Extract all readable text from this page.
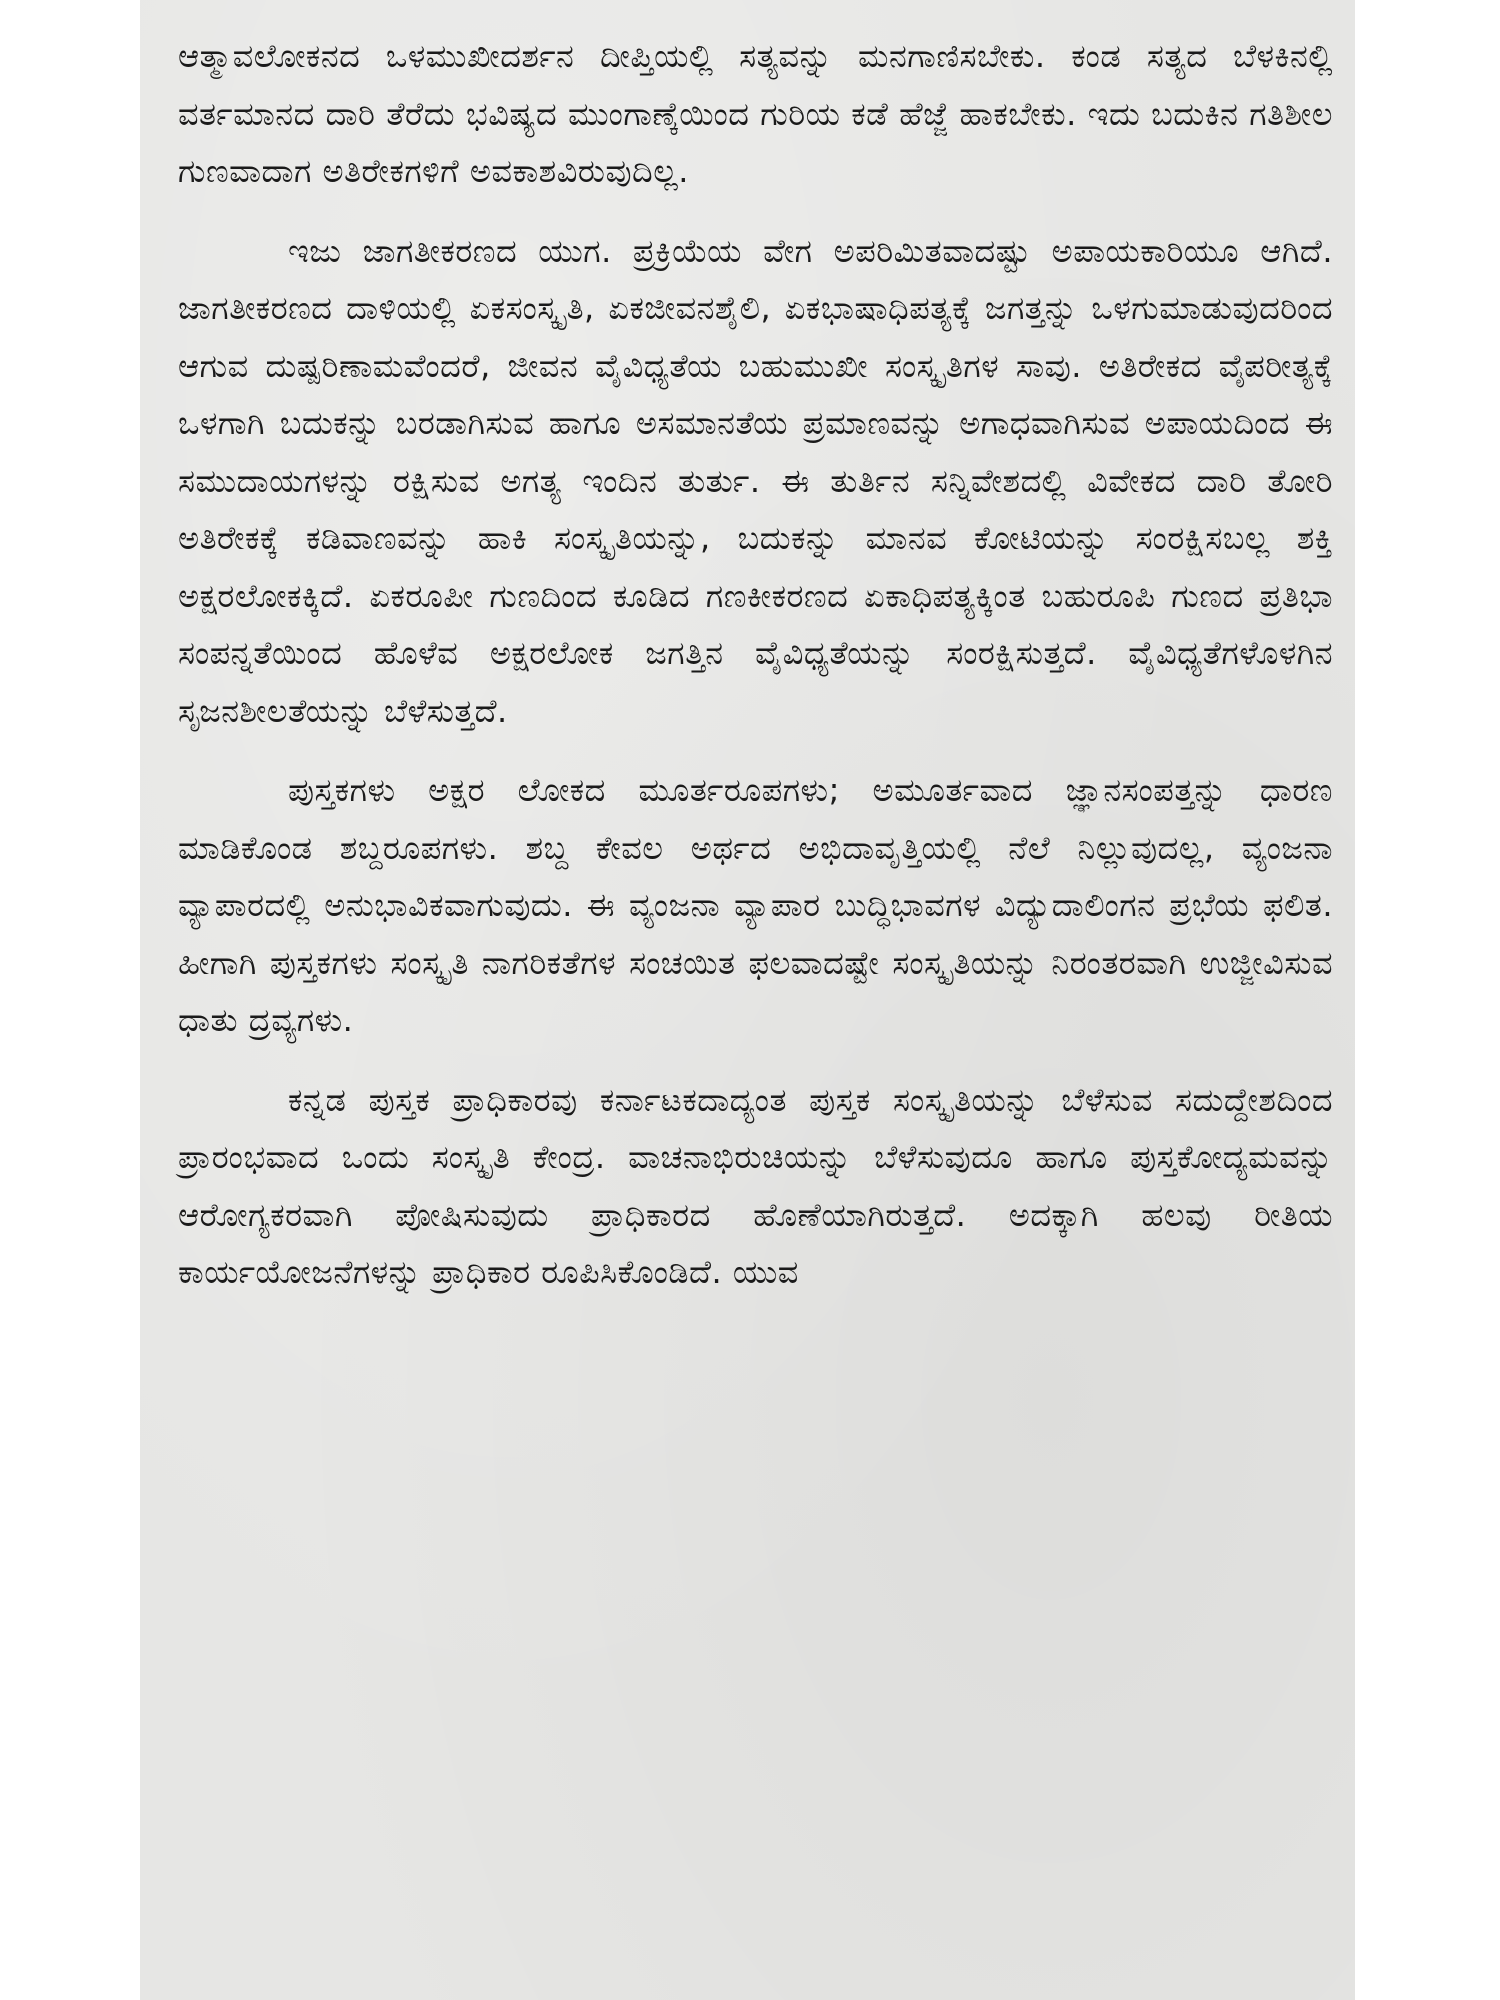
ಆತ್ಮಾವಲೋಕನದ ಒಳಮುಖೀದರ್ಶನ ದೀಪ್ತಿಯಲ್ಲಿ ಸತ್ಯವನ್ನು ಮನಗಾಣಿಸಬೇಕು. ಕಂಡ ಸತ್ಯದ ಬೆಳಕಿನಲ್ಲಿ ವರ್ತಮಾನದ ದಾರಿ ತೆರೆದು ಭವಿಷ್ಯದ ಮುಂಗಾಣ್ಕೆಯಿಂದ ಗುರಿಯ ಕಡೆ ಹೆಜ್ಜೆ ಹಾಕಬೇಕು. ಇದು ಬದುಕಿನ ಗತಿಶೀಲ ಗುಣವಾದಾಗ ಅತಿರೇಕಗಳಿಗೆ ಅವಕಾಶವಿರುವುದಿಲ್ಲ.

ಇಜು ಜಾಗತೀಕರಣದ ಯುಗ. ಪ್ರಕ್ರಿಯೆಯ ವೇಗ ಅಪರಿಮಿತವಾದಷ್ಟು ಅಪಾಯಕಾರಿಯೂ ಆಗಿದೆ. ಜಾಗತೀಕರಣದ ದಾಳಿಯಲ್ಲಿ ಏಕಸಂಸ್ಕೃತಿ, ಏಕಜೀವನಶೈಲಿ, ಏಕಭಾಷಾಧಿಪತ್ಯಕ್ಕೆ ಜಗತ್ತನ್ನು ಒಳಗುಮಾಡುವುದರಿಂದ ಆಗುವ ದುಷ್ಪರಿಣಾಮವೆಂದರೆ, ಜೀವನ ವೈವಿಧ್ಯತೆಯ ಬಹುಮುಖೀ ಸಂಸ್ಕೃತಿಗಳ ಸಾವು. ಅತಿರೇಕದ ವೈಪರೀತ್ಯಕ್ಕೆ ಒಳಗಾಗಿ ಬದುಕನ್ನು ಬರಡಾಗಿಸುವ ಹಾಗೂ ಅಸಮಾನತೆಯ ಪ್ರಮಾಣವನ್ನು ಅಗಾಧವಾಗಿಸುವ ಅಪಾಯದಿಂದ ಈ ಸಮುದಾಯಗಳನ್ನು ರಕ್ಷಿಸುವ ಅಗತ್ಯ ಇಂದಿನ ತುರ್ತು. ಈ ತುರ್ತಿನ ಸನ್ನಿವೇಶದಲ್ಲಿ ವಿವೇಕದ ದಾರಿ ತೋರಿ ಅತಿರೇಕಕ್ಕೆ ಕಡಿವಾಣವನ್ನು ಹಾಕಿ ಸಂಸ್ಕೃತಿಯನ್ನು, ಬದುಕನ್ನು ಮಾನವ ಕೋಟಿಯನ್ನು ಸಂರಕ್ಷಿಸಬಲ್ಲ ಶಕ್ತಿ ಅಕ್ಷರಲೋಕಕ್ಕಿದೆ. ಏಕರೂಪೀ ಗುಣದಿಂದ ಕೂಡಿದ ಗಣಕೀಕರಣದ ಏಕಾಧಿಪತ್ಯಕ್ಕಿಂತ ಬಹುರೂಪಿ ಗುಣದ ಪ್ರತಿಭಾ ಸಂಪನ್ನತೆಯಿಂದ ಹೊಳೆವ ಅಕ್ಷರಲೋಕ ಜಗತ್ತಿನ ವೈವಿಧ್ಯತೆಯನ್ನು ಸಂರಕ್ಷಿಸುತ್ತದೆ. ವೈವಿಧ್ಯತೆಗಳೊಳಗಿನ ಸೃಜನಶೀಲತೆಯನ್ನು ಬೆಳೆಸುತ್ತದೆ.

ಪುಸ್ತಕಗಳು ಅಕ್ಷರ ಲೋಕದ ಮೂರ್ತರೂಪಗಳು; ಅಮೂರ್ತವಾದ ಜ್ಞಾನಸಂಪತ್ತನ್ನು ಧಾರಣ ಮಾಡಿಕೊಂಡ ಶಬ್ದರೂಪಗಳು. ಶಬ್ದ ಕೇವಲ ಅರ್ಥದ ಅಭಿದಾವೃತ್ತಿಯಲ್ಲಿ ನೆಲೆ ನಿಲ್ಲುವುದಲ್ಲ, ವ್ಯಂಜನಾ ವ್ಯಾಪಾರದಲ್ಲಿ ಅನುಭಾವಿಕವಾಗುವುದು. ಈ ವ್ಯಂಜನಾ ವ್ಯಾಪಾರ ಬುದ್ಧಿಭಾವಗಳ ವಿದ್ಯುದಾಲಿಂಗನ ಪ್ರಭೆಯ ಫಲಿತ. ಹೀಗಾಗಿ ಪುಸ್ತಕಗಳು ಸಂಸ್ಕೃತಿ ನಾಗರಿಕತೆಗಳ ಸಂಚಯಿತ ಫಲವಾದಷ್ಟೇ ಸಂಸ್ಕೃತಿಯನ್ನು ನಿರಂತರವಾಗಿ ಉಜ್ಜೀವಿಸುವ ಧಾತು ದ್ರವ್ಯಗಳು.

ಕನ್ನಡ ಪುಸ್ತಕ ಪ್ರಾಧಿಕಾರವು ಕರ್ನಾಟಕದಾದ್ಯಂತ ಪುಸ್ತಕ ಸಂಸ್ಕೃತಿಯನ್ನು ಬೆಳೆಸುವ ಸದುದ್ದೇಶದಿಂದ ಪ್ರಾರಂಭವಾದ ಒಂದು ಸಂಸ್ಕೃತಿ ಕೇಂದ್ರ. ವಾಚನಾಭಿರುಚಿಯನ್ನು ಬೆಳೆಸುವುದೂ ಹಾಗೂ ಪುಸ್ತಕೋದ್ಯಮವನ್ನು ಆರೋಗ್ಯಕರವಾಗಿ ಪೋಷಿಸುವುದು ಪ್ರಾಧಿಕಾರದ ಹೊಣೆಯಾಗಿರುತ್ತದೆ. ಅದಕ್ಕಾಗಿ ಹಲವು ರೀತಿಯ ಕಾರ್ಯಯೋಜನೆಗಳನ್ನು ಪ್ರಾಧಿಕಾರ ರೂಪಿಸಿಕೊಂಡಿದೆ. ಯುವ
